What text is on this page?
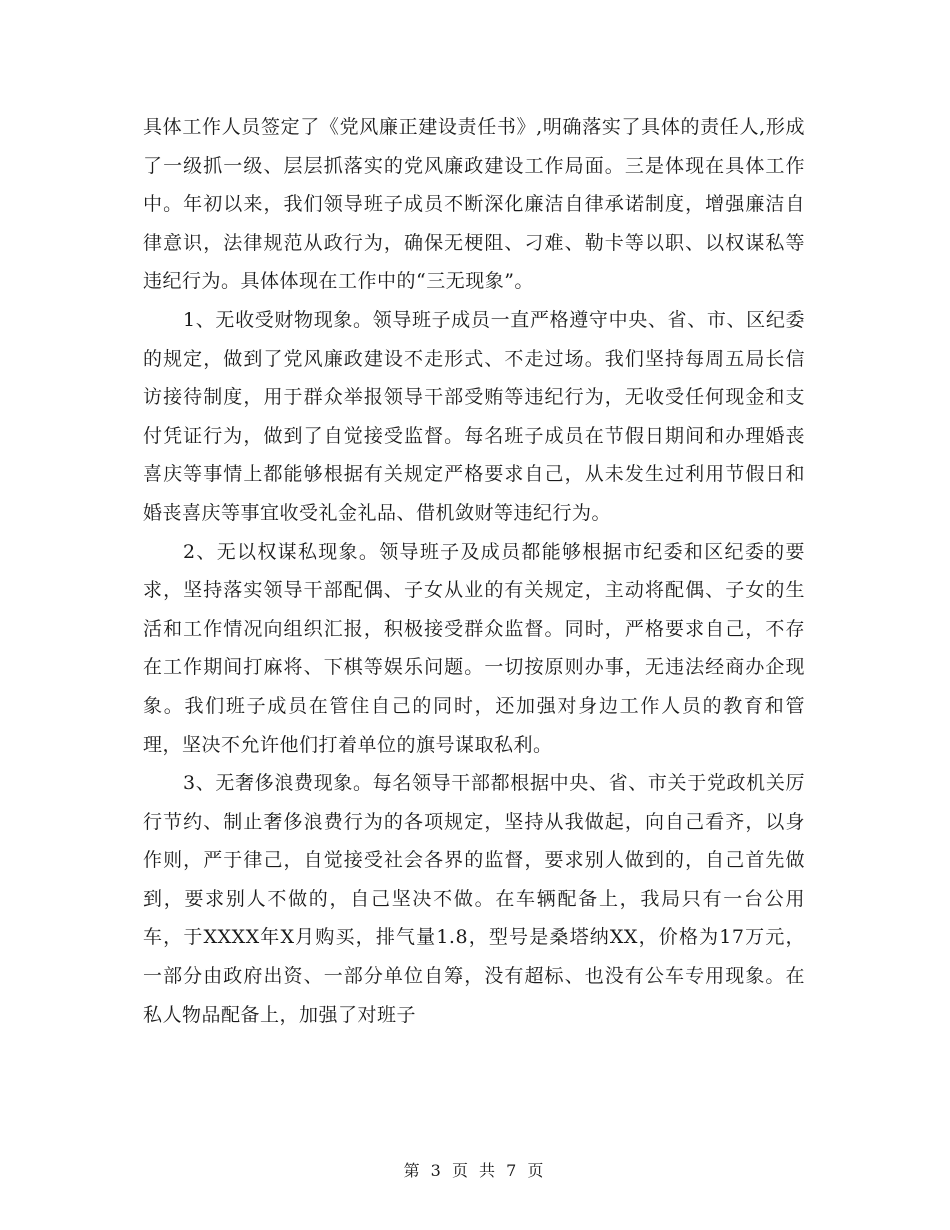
具体工作人员签定了《党风廉正建设责任书》,明确落实了具体的责任人,形成了一级抓一级、层层抓落实的党风廉政建设工作局面。三是体现在具体工作中。年初以来，我们领导班子成员不断深化廉洁自律承诺制度，增强廉洁自律意识，法律规范从政行为，确保无梗阻、刁难、勒卡等以职、以权谋私等违纪行为。具体体现在工作中的“三无现象”。

1、无收受财物现象。领导班子成员一直严格遵守中央、省、市、区纪委的规定，做到了党风廉政建设不走形式、不走过场。我们坚持每周五局长信访接待制度，用于群众举报领导干部受贿等违纪行为，无收受任何现金和支付凭证行为，做到了自觉接受监督。每名班子成员在节假日期间和办理婚丧喜庆等事情上都能够根据有关规定严格要求自己，从未发生过利用节假日和婚丧喜庆等事宜收受礼金礼品、借机敛财等违纪行为。

2、无以权谋私现象。领导班子及成员都能够根据市纪委和区纪委的要求，坚持落实领导干部配偶、子女从业的有关规定，主动将配偶、子女的生活和工作情况向组织汇报，积极接受群众监督。同时，严格要求自己，不存在工作期间打麻将、下棋等娱乐问题。一切按原则办事，无违法经商办企现象。我们班子成员在管住自己的同时，还加强对身边工作人员的教育和管理，坚决不允许他们打着单位的旗号谋取私利。

3、无奢侈浪费现象。每名领导干部都根据中央、省、市关于党政机关厉行节约、制止奢侈浪费行为的各项规定，坚持从我做起，向自己看齐，以身作则，严于律己，自觉接受社会各界的监督，要求别人做到的，自己首先做到，要求别人不做的，自己坚决不做。在车辆配备上，我局只有一台公用车，于XXXX年X月购买，排气量1.8，型号是桑塔纳XX，价格为17万元，一部分由政府出资、一部分单位自筹，没有超标、也没有公车专用现象。在私人物品配备上，加强了对班子

第 3 页 共 7 页
